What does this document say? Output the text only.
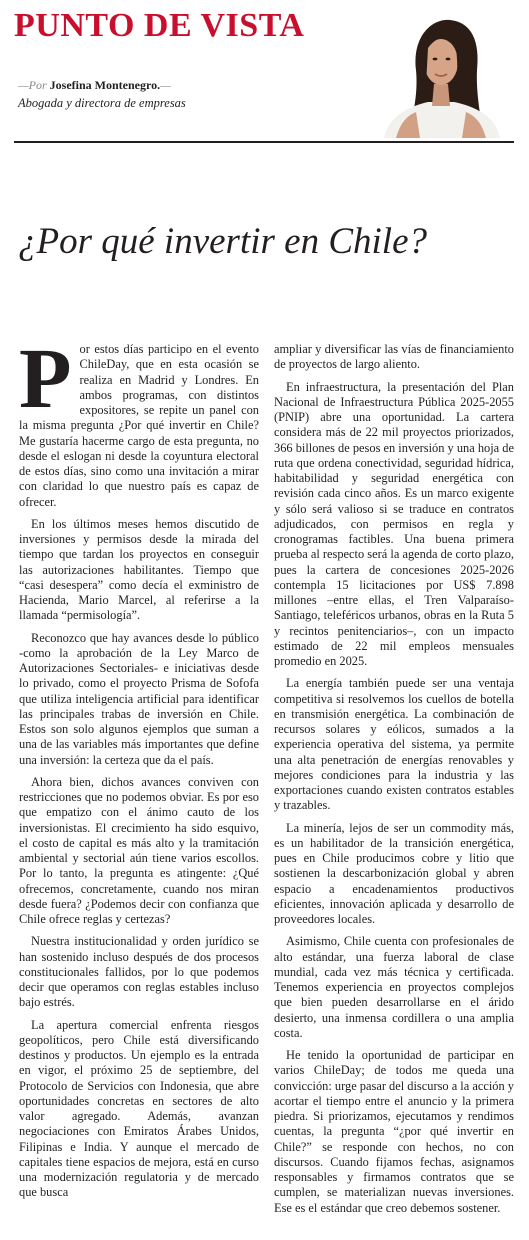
PUNTO DE VISTA
—Por Josefina Montenegro.—
Abogada y directora de empresas
¿Por qué invertir en Chile?

Por estos días participo en el evento ChileDay, que en esta ocasión se realiza en Madrid y Londres. En ambos programas, con distintos expositores, se repite un panel con la misma pregunta ¿Por qué invertir en Chile? Me gustaría hacerme cargo de esta pregunta, no desde el eslogan ni desde la coyuntura electoral de estos días, sino como una invitación a mirar con claridad lo que nuestro país es capaz de ofrecer.

En los últimos meses hemos discutido de inversiones y permisos desde la mirada del tiempo que tardan los proyectos en conseguir las autorizaciones habilitantes. Tiempo que “casi desespera” como decía el exministro de Hacienda, Mario Marcel, al referirse a la llamada “permisología”.

Reconozco que hay avances desde lo público -como la aprobación de la Ley Marco de Autorizaciones Sectoriales- e iniciativas desde lo privado, como el proyecto Prisma de Sofofa que utiliza inteligencia artificial para identificar las principales trabas de inversión en Chile. Estos son solo algunos ejemplos que suman a una de las variables más importantes que define una inversión: la certeza que da el país.

Ahora bien, dichos avances conviven con restricciones que no podemos obviar. Es por eso que empatizo con el ánimo cauto de los inversionistas. El crecimiento ha sido esquivo, el costo de capital es más alto y la tramitación ambiental y sectorial aún tiene varios escollos. Por lo tanto, la pregunta es atingente: ¿Qué ofrecemos, concretamente, cuando nos miran desde fuera? ¿Podemos decir con confianza que Chile ofrece reglas y certezas?

Nuestra institucionalidad y orden jurídico se han sostenido incluso después de dos procesos constitucionales fallidos, por lo que podemos decir que operamos con reglas estables incluso bajo estrés.

La apertura comercial enfrenta riesgos geopolíticos, pero Chile está diversificando destinos y productos. Un ejemplo es la entrada en vigor, el próximo 25 de septiembre, del Protocolo de Servicios con Indonesia, que abre oportunidades concretas en sectores de alto valor agregado. Además, avanzan negociaciones con Emiratos Árabes Unidos, Filipinas e India. Y aunque el mercado de capitales tiene espacios de mejora, está en curso una modernización regulatoria y de mercado que busca

ampliar y diversificar las vías de financiamiento de proyectos de largo aliento.

En infraestructura, la presentación del Plan Nacional de Infraestructura Pública 2025-2055 (PNIP) abre una oportunidad. La cartera considera más de 22 mil proyectos priorizados, 366 billones de pesos en inversión y una hoja de ruta que ordena conectividad, seguridad hídrica, habitabilidad y seguridad energética con revisión cada cinco años. Es un marco exigente y sólo será valioso si se traduce en contratos adjudicados, con permisos en regla y cronogramas factibles. Una buena primera prueba al respecto será la agenda de corto plazo, pues la cartera de concesiones 2025-2026 contempla 15 licitaciones por US$ 7.898 millones –entre ellas, el Tren Valparaíso-Santiago, teleféricos urbanos, obras en la Ruta 5 y recintos penitenciarios–, con un impacto estimado de 22 mil empleos mensuales promedio en 2025.

La energía también puede ser una ventaja competitiva si resolvemos los cuellos de botella en transmisión energética. La combinación de recursos solares y eólicos, sumados a la experiencia operativa del sistema, ya permite una alta penetración de energías renovables y mejores condiciones para la industria y las exportaciones cuando existen contratos estables y trazables.

La minería, lejos de ser un commodity más, es un habilitador de la transición energética, pues en Chile producimos cobre y litio que sostienen la descarbonización global y abren espacio a encadenamientos productivos eficientes, innovación aplicada y desarrollo de proveedores locales.

Asimismo, Chile cuenta con profesionales de alto estándar, una fuerza laboral de clase mundial, cada vez más técnica y certificada. Tenemos experiencia en proyectos complejos que bien pueden desarrollarse en el árido desierto, una inmensa cordillera o una amplia costa.

He tenido la oportunidad de participar en varios ChileDay; de todos me queda una convicción: urge pasar del discurso a la acción y acortar el tiempo entre el anuncio y la primera piedra. Si priorizamos, ejecutamos y rendimos cuentas, la pregunta “¿por qué invertir en Chile?” se responde con hechos, no con discursos. Cuando fijamos fechas, asignamos responsables y firmamos contratos que se cumplen, se materializan nuevas inversiones. Ese es el estándar que creo debemos sostener.
